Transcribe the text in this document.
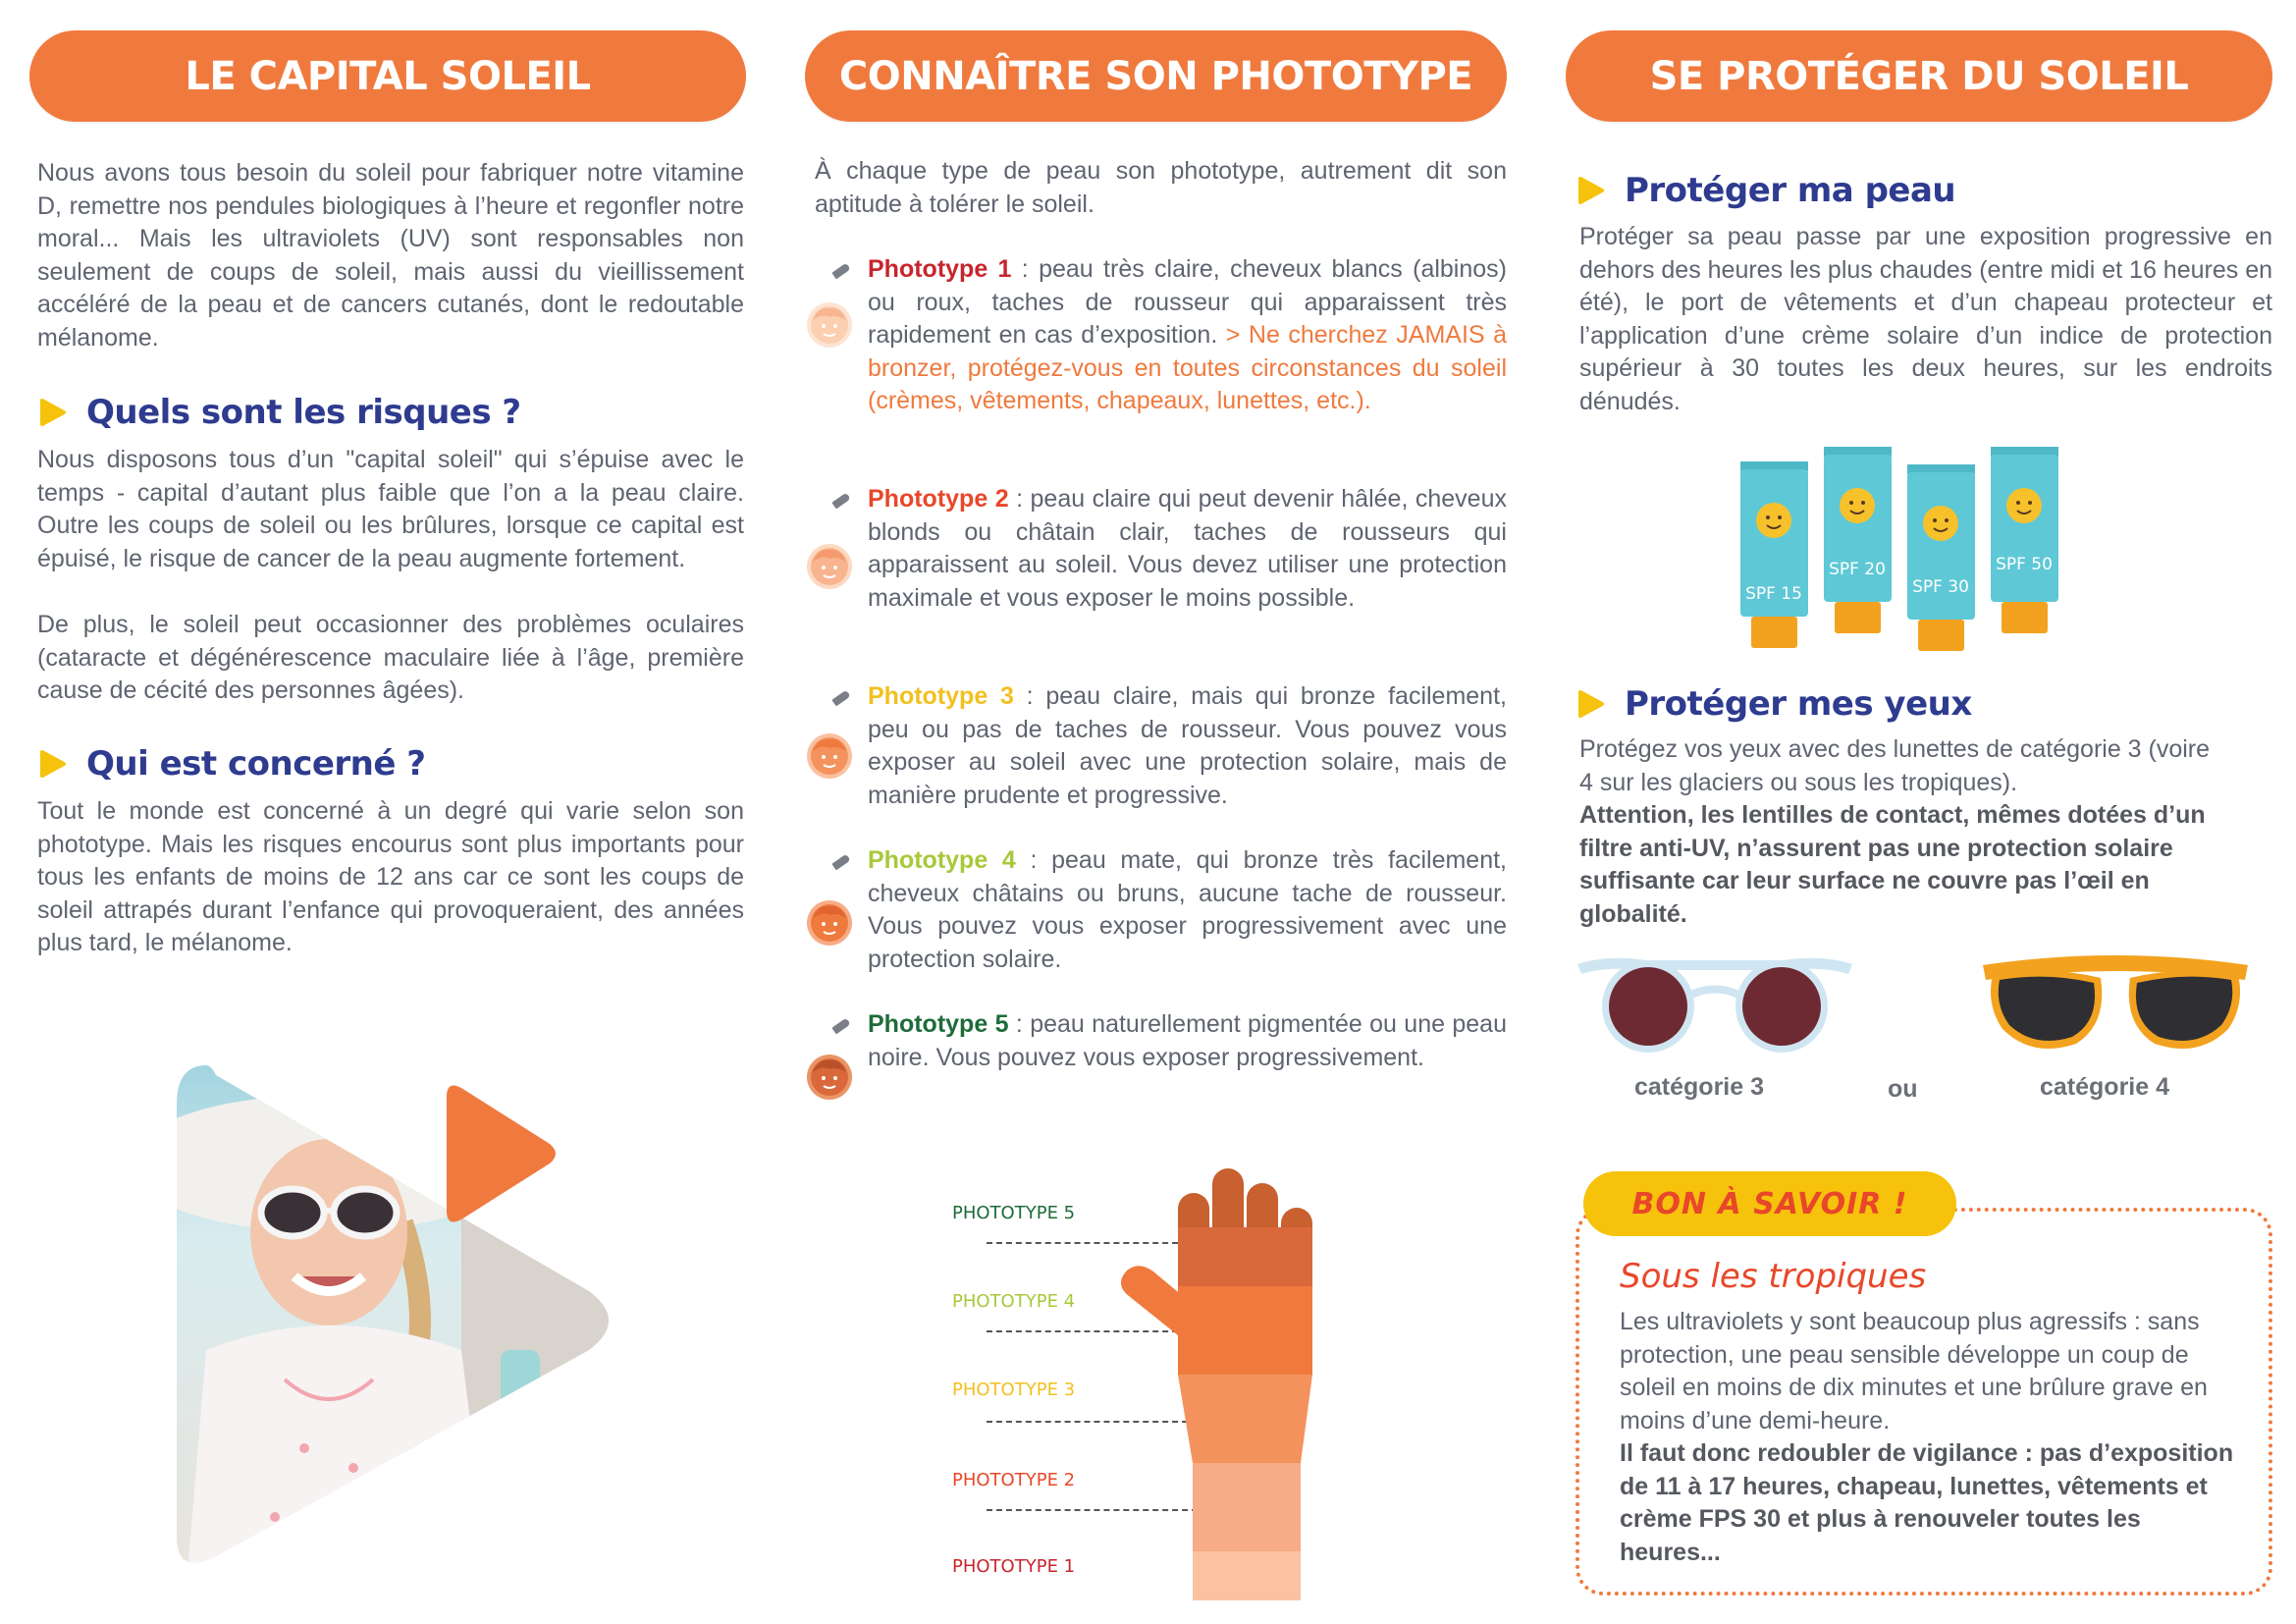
LE CAPITAL SOLEIL
Nous avons tous besoin du soleil pour fabriquer notre vitamine D, remettre nos pendules biologiques à l’heure et regonfler notre moral... Mais les ultraviolets (UV) sont responsables non seulement de coups de soleil, mais aussi du vieillissement accéléré de la peau et de cancers cutanés, dont le redoutable mélanome.
Quels sont les risques ?
Nous disposons tous d’un "capital soleil" qui s’épuise avec le temps - capital d’autant plus faible que l’on a la peau claire. Outre les coups de soleil ou les brûlures, lorsque ce capital est épuisé, le risque de cancer de la peau augmente fortement.
De plus, le soleil peut occasionner des problèmes oculaires (cataracte et dégénérescence maculaire liée à l’âge, première cause de cécité des personnes âgées).
Qui est concerné ?
Tout le monde est concerné à un degré qui varie selon son phototype. Mais les risques encourus sont plus importants pour tous les enfants de moins de 12 ans car ce sont les coups de soleil attrapés durant l’enfance qui provoqueraient, des années plus tard, le mélanome.
CONNAÎTRE SON PHOTOTYPE
À chaque type de peau son phototype, autrement dit son aptitude à tolérer le soleil.
Phototype 1 : peau très claire, cheveux blancs (albinos) ou roux, taches de rousseur qui apparaissent très rapidement en cas d’exposition. > Ne cherchez JAMAIS à bronzer, protégez-vous en toutes circonstances du soleil (crèmes, vêtements, chapeaux, lunettes, etc.).
Phototype 2 : peau claire qui peut devenir hâlée, cheveux blonds ou châtain clair, taches de rousseurs qui apparaissent au soleil. Vous devez utiliser une protection maximale et vous exposer le moins possible.
Phototype 3 : peau claire, mais qui bronze facilement, peu ou pas de taches de rousseur. Vous pouvez vous exposer au soleil avec une protection solaire, mais de manière prudente et progressive.
Phototype 4 : peau mate, qui bronze très facilement, cheveux châtains ou bruns, aucune tache de rousseur. Vous pouvez vous exposer progressivement avec une protection solaire.
Phototype 5 : peau naturellement pigmentée ou une peau noire. Vous pouvez vous exposer progressivement.
PHOTOTYPE 5
PHOTOTYPE 4
PHOTOTYPE 3
PHOTOTYPE 2
PHOTOTYPE 1
SE PROTÉGER DU SOLEIL
Protéger ma peau
Protéger sa peau passe par une exposition progressive en dehors des heures les plus chaudes (entre midi et 16 heures en été), le port de vêtements et d’un chapeau protecteur et l’application d’une crème solaire d’un indice de protection supérieur à 30 toutes les deux heures, sur les endroits dénudés.
SPF 15
SPF 20
SPF 30
SPF 50
Protéger mes yeux
Protégez vos yeux avec des lunettes de catégorie 3 (voire 4 sur les glaciers ou sous les tropiques).
Attention, les lentilles de contact, mêmes dotées d’un filtre anti-UV, n’assurent pas une protection solaire suffisante car leur surface ne couvre pas l’œil en globalité.
catégorie 3	ou	catégorie 4
BON À SAVOIR !
Sous les tropiques
Les ultraviolets y sont beaucoup plus agressifs : sans protection, une peau sensible développe un coup de soleil en moins de dix minutes et une brûlure grave en moins d’une demi-heure.
Il faut donc redoubler de vigilance : pas d’exposition de 11 à 17 heures, chapeau, lunettes, vêtements et crème FPS 30 et plus à renouveler toutes les heures...
